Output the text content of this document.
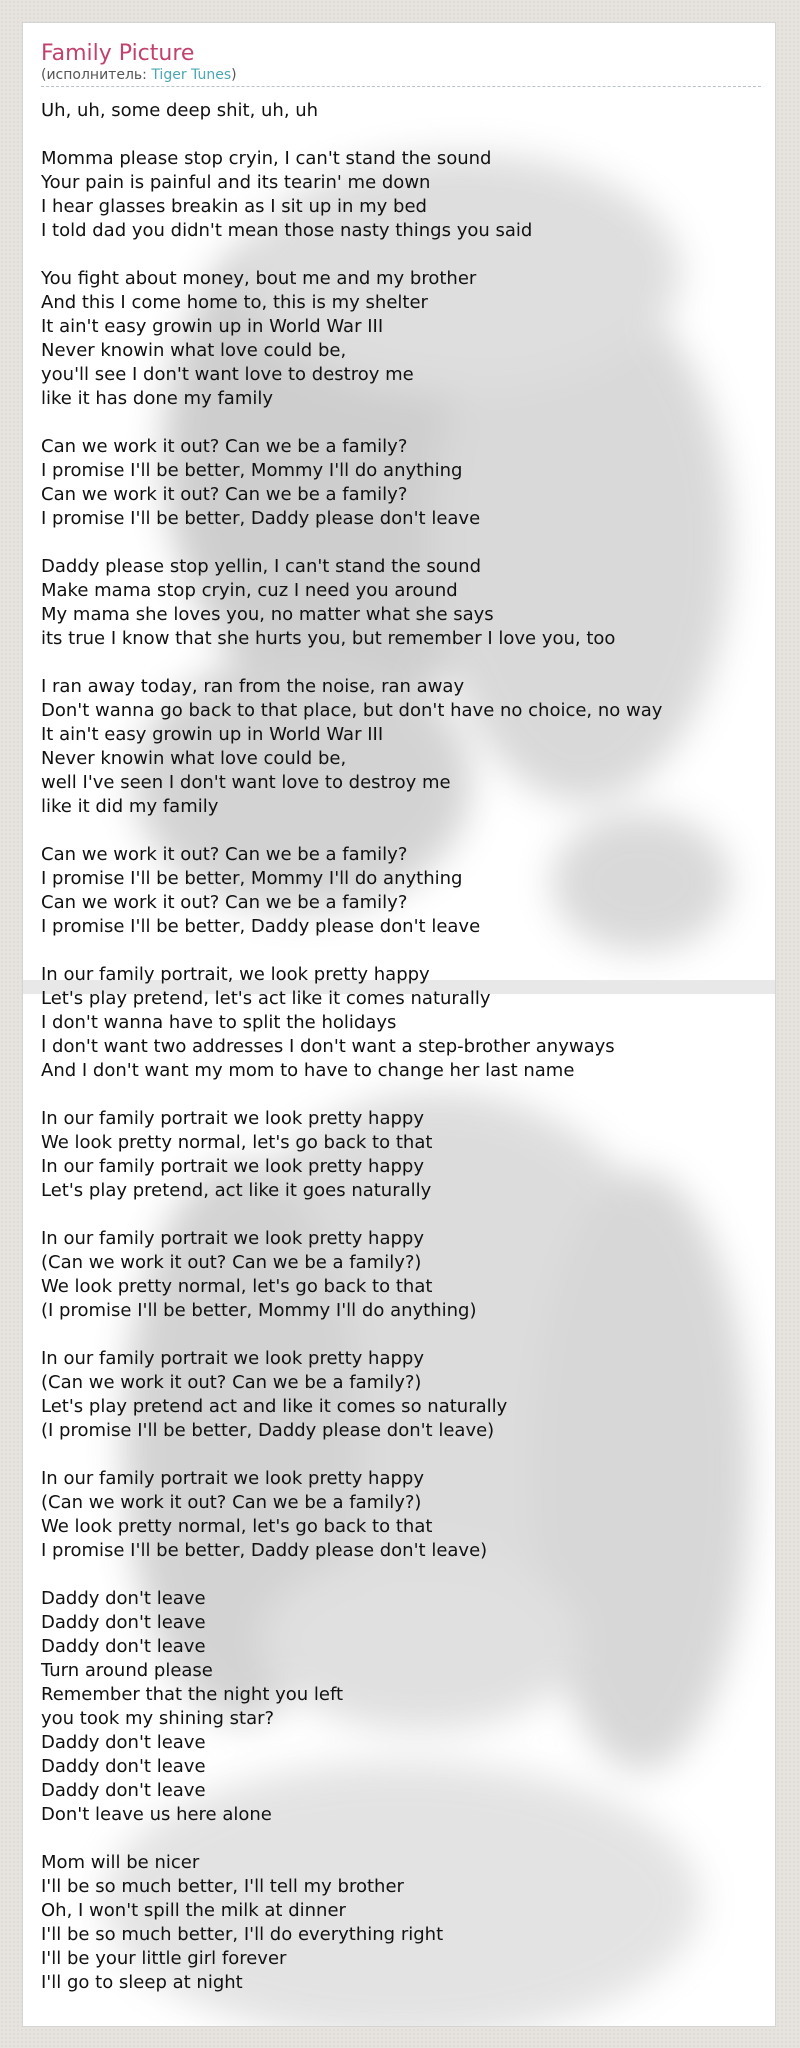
Family Picture
(исполнитель: Tiger Tunes)
Uh, uh, some deep shit, uh, uh
Momma please stop cryin, I can't stand the sound
Your pain is painful and its tearin' me down
I hear glasses breakin as I sit up in my bed
I told dad you didn't mean those nasty things you said
You fight about money, bout me and my brother
And this I come home to, this is my shelter
It ain't easy growin up in World War III
Never knowin what love could be,
you'll see I don't want love to destroy me
like it has done my family
Can we work it out? Can we be a family?
I promise I'll be better, Mommy I'll do anything
Can we work it out? Can we be a family?
I promise I'll be better, Daddy please don't leave
Daddy please stop yellin, I can't stand the sound
Make mama stop cryin, cuz I need you around
My mama she loves you, no matter what she says
its true I know that she hurts you, but remember I love you, too
I ran away today, ran from the noise, ran away
Don't wanna go back to that place, but don't have no choice, no way
It ain't easy growin up in World War III
Never knowin what love could be,
well I've seen I don't want love to destroy me
like it did my family
Can we work it out? Can we be a family?
I promise I'll be better, Mommy I'll do anything
Can we work it out? Can we be a family?
I promise I'll be better, Daddy please don't leave
In our family portrait, we look pretty happy
Let's play pretend, let's act like it comes naturally
I don't wanna have to split the holidays
I don't want two addresses I don't want a step-brother anyways
And I don't want my mom to have to change her last name
In our family portrait we look pretty happy
We look pretty normal, let's go back to that
In our family portrait we look pretty happy
Let's play pretend, act like it goes naturally
In our family portrait we look pretty happy
(Can we work it out? Can we be a family?)
We look pretty normal, let's go back to that
(I promise I'll be better, Mommy I'll do anything)
In our family portrait we look pretty happy
(Can we work it out? Can we be a family?)
Let's play pretend act and like it comes so naturally
(I promise I'll be better, Daddy please don't leave)
In our family portrait we look pretty happy
(Can we work it out? Can we be a family?)
We look pretty normal, let's go back to that
I promise I'll be better, Daddy please don't leave)
Daddy don't leave
Daddy don't leave
Daddy don't leave
Turn around please
Remember that the night you left
you took my shining star?
Daddy don't leave
Daddy don't leave
Daddy don't leave
Don't leave us here alone
Mom will be nicer
I'll be so much better, I'll tell my brother
Oh, I won't spill the milk at dinner
I'll be so much better, I'll do everything right
I'll be your little girl forever
I'll go to sleep at night
